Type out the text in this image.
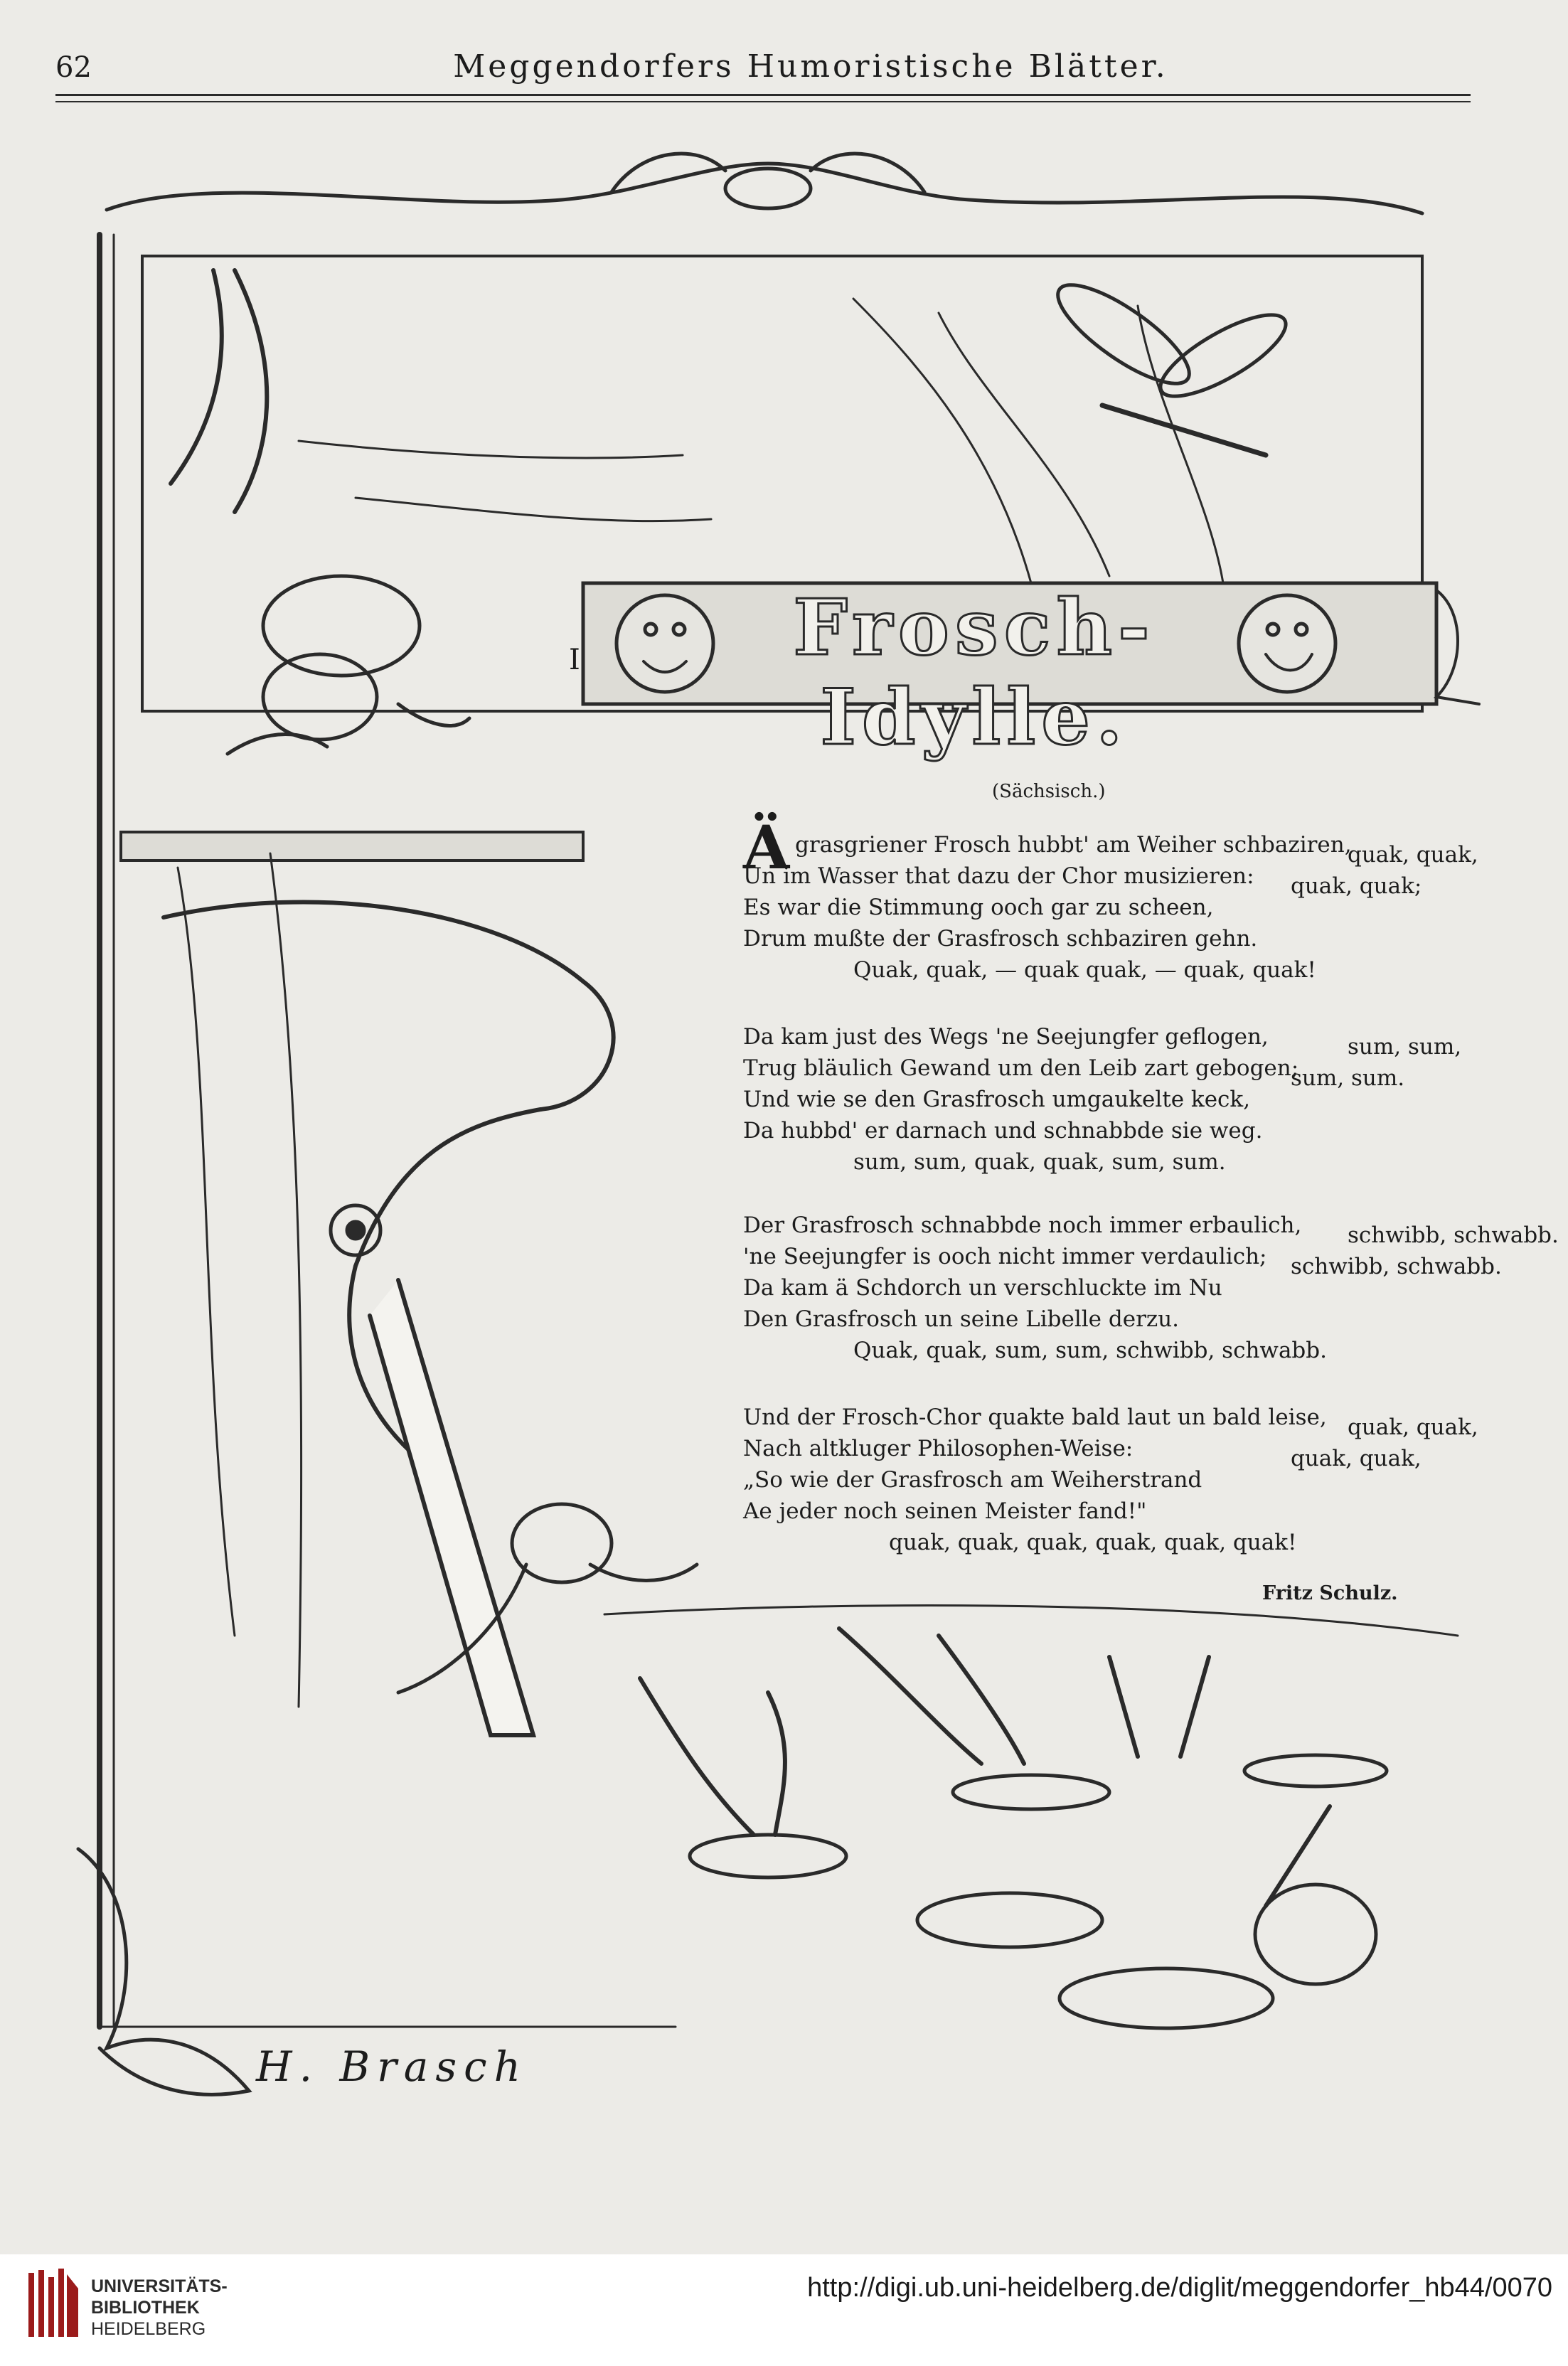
62	Meggendorfers Humoristische Blätter.
Frosch-Idylle.
I
(Sächsisch.)
Ä
Fritz Schulz.
H. Brasch
UNIVERSITÄTS-
BIBLIOTHEK
HEIDELBERG
http://digi.ub.uni-heidelberg.de/diglit/meggendorfer_hb44/0070
grasgriener Frosch hubbt' am Weiher schbaziren,
quak, quak,
Un im Wasser that dazu der Chor musizieren: quak, quak;
Es war die Stimmung ooch gar zu scheen,
Drum mußte der Grasfrosch schbaziren gehn.
Quak, quak, — quak quak, — quak, quak!
Da kam just des Wegs 'ne Seejungfer geflogen,	sum, sum,
Trug bläulich Gewand um den Leib zart gebogen;
sum, sum.
Und wie se den Grasfrosch umgaukelte keck,
Da hubbd' er darnach und schnabbde sie weg.
sum, sum, quak, quak, sum, sum.
Der Grasfrosch schnabbde noch immer erbaulich, schwibb, schwabb.
'ne Seejungfer is ooch nicht immer verdaulich; schwibb, schwabb.
Da kam ä Schdorch un verschluckte im Nu
Den Grasfrosch un seine Libelle derzu.
Quak, quak, sum, sum, schwibb, schwabb.
Und der Frosch-Chor quakte bald laut un bald leise, quak, quak,
Nach altkluger Philosophen-Weise:	quak, quak,
„So wie der Grasfrosch am Weiherstrand
Ae jeder noch seinen Meister fand!"
quak, quak, quak, quak, quak, quak!
